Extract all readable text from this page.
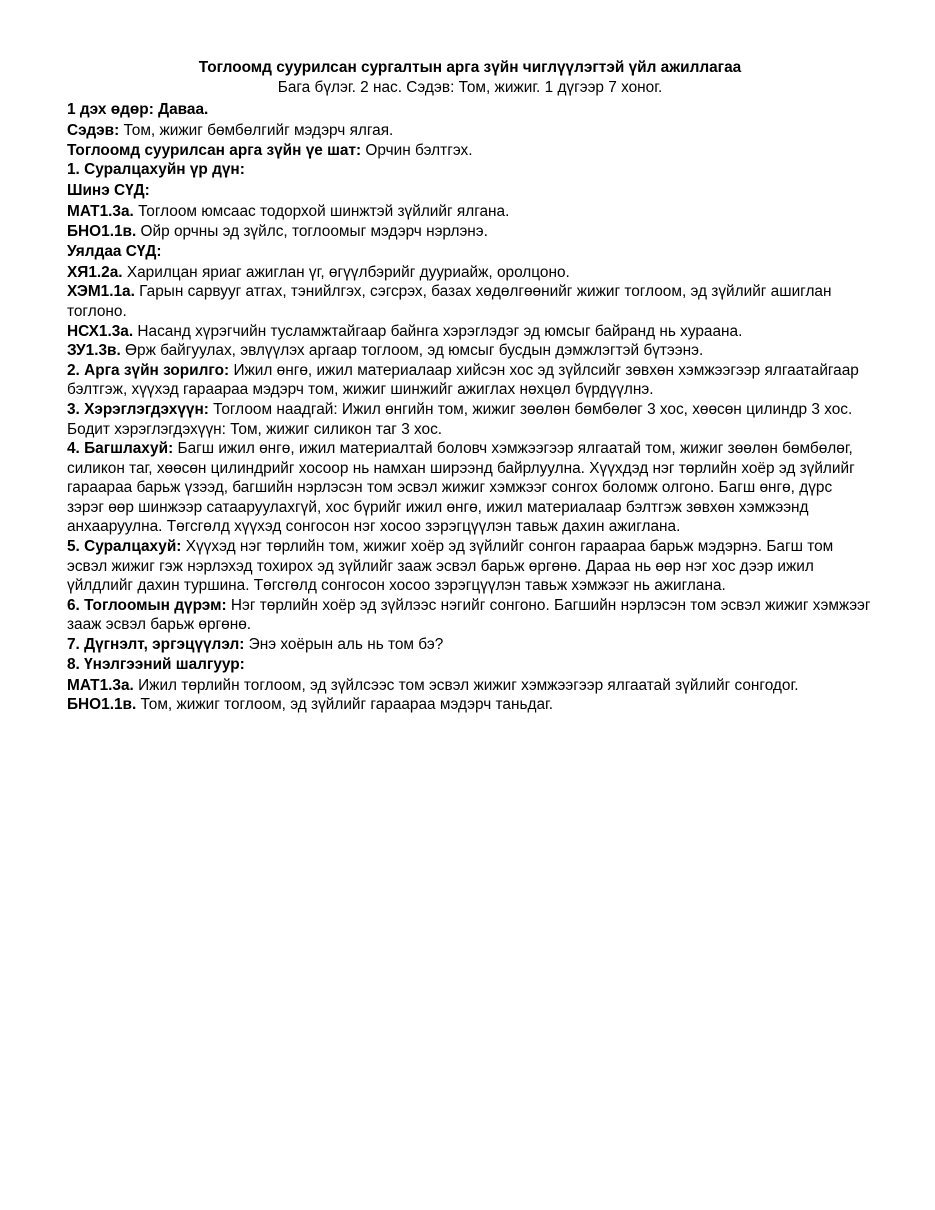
Тоглоомд суурилсан сургалтын арга зүйн чиглүүлэгтэй үйл ажиллагаа

Бага бүлэг. 2 нас. Сэдэв: Том, жижиг. 1 дүгээр 7 хоног.

1 дэх өдөр: Даваа.

Сэдэв: Том, жижиг бөмбөлгийг мэдэрч ялгая.

Тоглоомд суурилсан арга зүйн үе шат: Орчин бэлтгэх.

1. Суралцахуйн үр дүн:

Шинэ СҮД:

МАТ1.3а. Тоглоом юмсаас тодорхой шинжтэй зүйлийг ялгана.

БНО1.1в. Ойр орчны эд зүйлс, тоглоомыг мэдэрч нэрлэнэ.

Уялдаа СҮД:

ХЯ1.2а. Харилцан яриаг ажиглан үг, өгүүлбэрийг дууриайж, оролцоно.

ХЭМ1.1а. Гарын сарвууг атгах, тэнийлгэх, сэгсрэх, базах хөдөлгөөнийг жижиг тоглоом, эд зүйлийг ашиглан тоглоно.

НСХ1.3а. Насанд хүрэгчийн тусламжтайгаар байнга хэрэглэдэг эд юмсыг байранд нь хураана.

ЗУ1.3в. Өрж байгуулах, эвлүүлэх аргаар тоглоом, эд юмсыг бусдын дэмжлэгтэй бүтээнэ.

2. Арга зүйн зорилго: Ижил өнгө, ижил материалаар хийсэн хос эд зүйлсийг зөвхөн хэмжээгээр ялгаатайгаар бэлтгэж, хүүхэд гараараа мэдэрч том, жижиг шинжийг ажиглах нөхцөл бүрдүүлнэ.

3. Хэрэглэгдэхүүн: Тоглоом наадгай: Ижил өнгийн том, жижиг зөөлөн бөмбөлөг 3 хос, хөөсөн цилиндр 3 хос. Бодит хэрэглэгдэхүүн: Том, жижиг силикон таг 3 хос.

4. Багшлахуй: Багш ижил өнгө, ижил материалтай боловч хэмжээгээр ялгаатай том, жижиг зөөлөн бөмбөлөг, силикон таг, хөөсөн цилиндрийг хосоор нь намхан ширээнд байрлуулна. Хүүхдэд нэг төрлийн хоёр эд зүйлийг гараараа барьж үзээд, багшийн нэрлэсэн том эсвэл жижиг хэмжээг сонгох боломж олгоно. Багш өнгө, дүрс зэрэг өөр шинжээр сатааруулахгүй, хос бүрийг ижил өнгө, ижил материалаар бэлтгэж зөвхөн хэмжээнд анхааруулна. Төгсгөлд хүүхэд сонгосон нэг хосоо зэрэгцүүлэн тавьж дахин ажиглана.

5. Суралцахуй: Хүүхэд нэг төрлийн том, жижиг хоёр эд зүйлийг сонгон гараараа барьж мэдэрнэ. Багш том эсвэл жижиг гэж нэрлэхэд тохирох эд зүйлийг зааж эсвэл барьж өргөнө. Дараа нь өөр нэг хос дээр ижил үйлдлийг дахин туршина. Төгсгөлд сонгосон хосоо зэрэгцүүлэн тавьж хэмжээг нь ажиглана.

6. Тоглоомын дүрэм: Нэг төрлийн хоёр эд зүйлээс нэгийг сонгоно. Багшийн нэрлэсэн том эсвэл жижиг хэмжээг зааж эсвэл барьж өргөнө.

7. Дүгнэлт, эргэцүүлэл: Энэ хоёрын аль нь том бэ?

8. Үнэлгээний шалгуур:

МАТ1.3а. Ижил төрлийн тоглоом, эд зүйлсээс том эсвэл жижиг хэмжээгээр ялгаатай зүйлийг сонгодог.

БНО1.1в. Том, жижиг тоглоом, эд зүйлийг гараараа мэдэрч таньдаг.
